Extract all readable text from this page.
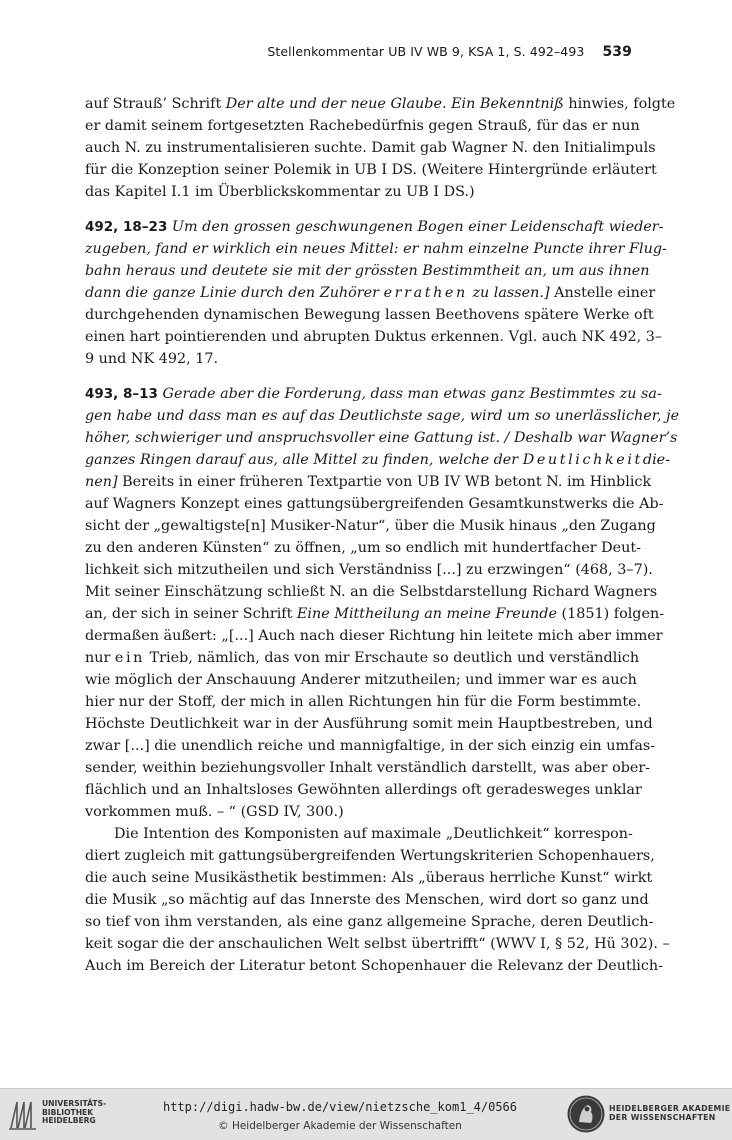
Stellenkommentar UB IV WB 9, KSA 1, S. 492–493 539
auf Strauß’ Schrift Der alte und der neue Glaube. Ein Bekenntniß hinwies, folgte
er damit seinem fortgesetzten Rachebedürfnis gegen Strauß, für das er nun
auch N. zu instrumentalisieren suchte. Damit gab Wagner N. den Initialimpuls
für die Konzeption seiner Polemik in UB I DS. (Weitere Hintergründe erläutert
das Kapitel I.1 im Überblickskommentar zu UB I DS.)
492, 18–23 Um den grossen geschwungenen Bogen einer Leidenschaft wieder-
zugeben, fand er wirklich ein neues Mittel: er nahm einzelne Puncte ihrer Flug-
bahn heraus und deutete sie mit der grössten Bestimmtheit an, um aus ihnen
dann die ganze Linie durch den Zuhörer errathen zu lassen.] Anstelle einer
durchgehenden dynamischen Bewegung lassen Beethovens spätere Werke oft
einen hart pointierenden und abrupten Duktus erkennen. Vgl. auch NK 492, 3–
9 und NK 492, 17.
493, 8–13 Gerade aber die Forderung, dass man etwas ganz Bestimmtes zu sa-
gen habe und dass man es auf das Deutlichste sage, wird um so unerlässlicher, je
höher, schwieriger und anspruchsvoller eine Gattung ist. / Deshalb war Wagner’s
ganzes Ringen darauf aus, alle Mittel zu finden, welche der Deutlichkeitdie-
nen] Bereits in einer früheren Textpartie von UB IV WB betont N. im Hinblick
auf Wagners Konzept eines gattungsübergreifenden Gesamtkunstwerks die Ab-
sicht der „gewaltigste[n] Musiker-Natur“, über die Musik hinaus „den Zugang
zu den anderen Künsten“ zu öffnen, „um so endlich mit hundertfacher Deut-
lichkeit sich mitzutheilen und sich Verständniss [...] zu erzwingen“ (468, 3–7).
Mit seiner Einschätzung schließt N. an die Selbstdarstellung Richard Wagners
an, der sich in seiner Schrift Eine Mittheilung an meine Freunde (1851) folgen-
dermaßen äußert: „[...] Auch nach dieser Richtung hin leitete mich aber immer
nur ein Trieb, nämlich, das von mir Erschaute so deutlich und verständlich
wie möglich der Anschauung Anderer mitzutheilen; und immer war es auch
hier nur der Stoff, der mich in allen Richtungen hin für die Form bestimmte.
Höchste Deutlichkeit war in der Ausführung somit mein Hauptbestreben, und
zwar [...] die unendlich reiche und mannigfaltige, in der sich einzig ein umfas-
sender, weithin beziehungsvoller Inhalt verständlich darstellt, was aber ober-
flächlich und an Inhaltsloses Gewöhnten allerdings oft geradesweges unklar
vorkommen muß. – “ (GSD IV, 300.)
Die Intention des Komponisten auf maximale „Deutlichkeit“ korrespon-
diert zugleich mit gattungsübergreifenden Wertungskriterien Schopenhauers,
die auch seine Musikästhetik bestimmen: Als „überaus herrliche Kunst“ wirkt
die Musik „so mächtig auf das Innerste des Menschen, wird dort so ganz und
so tief von ihm verstanden, als eine ganz allgemeine Sprache, deren Deutlich-
keit sogar die der anschaulichen Welt selbst übertrifft“ (WWV I, § 52, Hü 302). –
Auch im Bereich der Literatur betont Schopenhauer die Relevanz der Deutlich-
UNIVERSITÄTS-
BIBLIOTHEK
HEIDELBERG
http://digi.hadw-bw.de/view/nietzsche_kom1_4/0566
© Heidelberger Akademie der Wissenschaften
HEIDELBERGER AKADEMIE
DER WISSENSCHAFTEN
